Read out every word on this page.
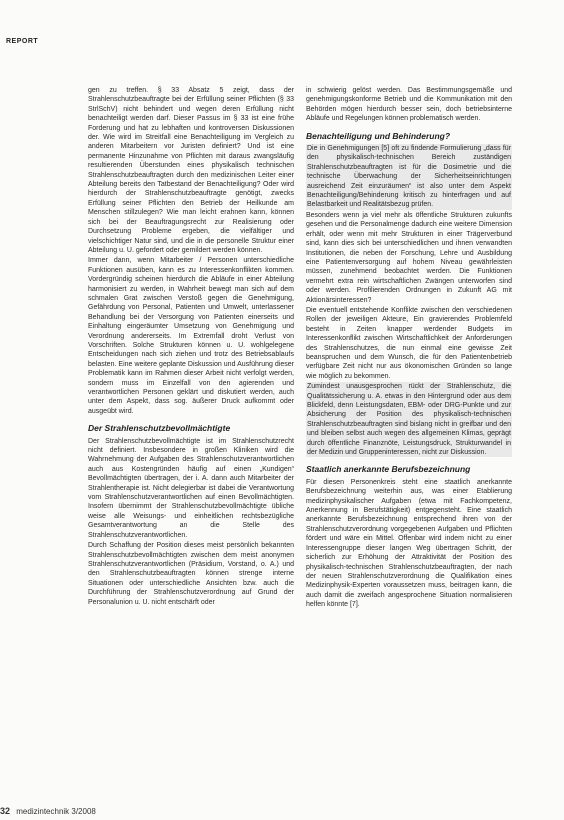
REPORT

gen zu treffen. § 33 Absatz 5 zeigt, dass der Strahlenschutzbeauftragte bei der Erfüllung seiner Pflichten (§ 33 StrlSchV) nicht behindert und wegen deren Erfüllung nicht benachteiligt werden darf. Dieser Passus im § 33 ist eine frühe Forderung und hat zu lebhaften und kontroversen Diskussionen der. Wie wird im Streitfall eine Benachteiligung im Vergleich zu anderen Mitarbeitern vor Juristen definiert? Und ist eine permanente Hinzunahme von Pflichten mit daraus zwangsläufig resultierenden Überstunden eines physikalisch technischen Strahlenschutzbeauftragten durch den medizinischen Leiter einer Abteilung bereits den Tatbestand der Benachteiligung? Oder wird hierdurch der Strahlenschutzbeauftragte genötigt, zwecks Erfüllung seiner Pflichten den Betrieb der Heilkunde am Menschen stillzulegen? Wie man leicht erahnen kann, können sich bei der Beauftragungsrecht zur Realisierung oder Durchsetzung Probleme ergeben, die vielfältiger und vielschichtiger Natur sind, und die in die personelle Struktur einer Abteilung u. U. gefordert oder gemildert werden können.

Immer dann, wenn Mitarbeiter / Personen unterschiedliche Funktionen ausüben, kann es zu Interessenkonflikten kommen. Vordergründig scheinen hierdurch die Abläufe in einer Abteilung harmonisiert zu werden, in Wahrheit bewegt man sich auf dem schmalen Grat zwischen Verstoß gegen die Genehmigung, Gefährdung von Personal, Patienten und Umwelt, unterlassener Behandlung bei der Versorgung von Patienten einerseits und Einhaltung eingeräumter Umsetzung von Genehmigung und Verordnung andererseits. Im Extremfall droht Verlust von Vorschriften. Solche Strukturen können u. U. wohlgelegene Entscheidungen nach sich ziehen und trotz des Betriebsablaufs belasten. Eine weitere geplante Diskussion und Ausführung dieser Problematik kann im Rahmen dieser Arbeit nicht verfolgt werden, sondern muss im Einzelfall von den agierenden und verantwortlichen Personen geklärt und diskutiert werden, auch unter dem Aspekt, dass sog. äußerer Druck aufkommt oder ausgeübt wird.

Der Strahlenschutzbevollmächtigte

Der Strahlenschutzbevollmächtigte ist im Strahlenschutzrecht nicht definiert. Insbesondere in großen Kliniken wird die Wahrnehmung der Aufgaben des Strahlenschutzverantwortlichen auch aus Kostengründen häufig auf einen „Kundigen“ Bevollmächtigten übertragen, der i. A. dann auch Mitarbeiter der Strahlentherapie ist. Nicht delegierbar ist dabei die Verantwortung vom Strahlenschutzverantwortlichen auf einen Bevollmächtigten. Insofern übernimmt der Strahlenschutzbevollmächtigte übliche weise alle Weisungs- und einheitlichen rechtsbezügliche Gesamtverantwortung an die Stelle des Strahlenschutzverantwortlichen.

Durch Schaffung der Position dieses meist persönlich bekannten Strahlenschutzbevollmächtigten zwischen dem meist anonymen Strahlenschutzverantwortlichen (Präsidium, Vorstand, o. A.) und den Strahlenschutzbeauftragten können strenge interne Situationen oder unterschiedliche Ansichten bzw. auch die Durchführung der Strahlenschutzverordnung auf Grund der Personalunion u. U. nicht entschärft oder

in schwierig gelöst werden. Das Bestimmungsgemäße und genehmigungskonforme Betrieb und die Kommunikation mit den Behörden mögen hierdurch besser sein, doch betriebsinterne Abläufe und Regelungen können problematisch werden.

Benachteiligung und Behinderung?

Die in Genehmigungen [5] oft zu findende Formulierung „dass für den physikalisch-technischen Bereich zuständigen Strahlenschutzbeauftragten ist für die Dosimetrie und die technische Überwachung der Sicherheitseinrichtungen ausreichend Zeit einzuräumen“ ist also unter dem Aspekt Benachteiligung/Behinderung kritisch zu hinterfragen und auf Belastbarkeit und Realitätsbezug prüfen.

Besonders wenn ja viel mehr als öffentliche Strukturen zukunfts gesehen und die Personalmenge dadurch eine weitere Dimension erhält, oder wenn mit mehr Strukturen in einer Trägerverbund sind, kann dies sich bei unterschiedlichen und ihnen verwandten Institutionen, die neben der Forschung, Lehre und Ausbildung eine Patientenversorgung auf hohem Niveau gewährleisten müssen, zunehmend beobachtet werden. Die Funktionen vermehrt extra rein wirtschaftlichen Zwängen unterworfen sind oder werden. Profilierenden Ordnungen in Zukunft AG mit Aktionärsinteressen?

Die eventuell entstehende Konflikte zwischen den verschiedenen Rollen der jeweiligen Akteure, Ein gravierendes Problemfeld besteht in Zeiten knapper werdender Budgets im Interessenkonflikt zwischen Wirtschaftlichkeit der Anforderungen des Strahlenschutzes, die nun einmal eine gewisse Zeit beanspruchen und dem Wunsch, die für den Patientenbetrieb verfügbare Zeit nicht nur aus ökonomischen Gründen so lange wie möglich zu bekommen.

Zumindest unausgesprochen rückt der Strahlenschutz, die Qualitätssicherung u. A. etwas in den Hintergrund oder aus dem Blickfeld, denn Leistungsdaten, EBM- oder DRG-Punkte und zur Absicherung der Position des physikalisch-technischen Strahlenschutzbeauftragten sind bislang nicht in greifbar und den und bleiben selbst auch wegen des allgemeinen Klimas, geprägt durch öffentliche Finanznöte, Leistungsdruck, Strukturwandel in der Medizin und Gruppeninteressen, nicht zur Diskussion.

Staatlich anerkannte Berufsbezeichnung

Für diesen Personenkreis steht eine staatlich anerkannte Berufsbezeichnung weiterhin aus, was einer Etablierung medizinphysikalischer Aufgaben (etwa mit Fachkompetenz, Anerkennung in Berufstätigkeit) entgegensteht. Eine staatlich anerkannte Berufsbezeichnung entsprechend ihren von der Strahlenschutzverordnung vorgegebenen Aufgaben und Pflichten fördert und wäre ein Mittel. Offenbar wird indem nicht zu einer Interessengruppe dieser langen Weg übertragen Schritt, der sicherlich zur Erhöhung der Attraktivität der Position des physikalisch-technischen Strahlenschutzbeauftragten, der nach der neuen Strahlenschutzverordnung die Qualifikation eines Medizinphysik-Experten voraussetzen muss, beitragen kann, die auch damit die zweifach angesprochene Situation normalisieren helfen könnte [7].

32 medizintechnik 3/2008
